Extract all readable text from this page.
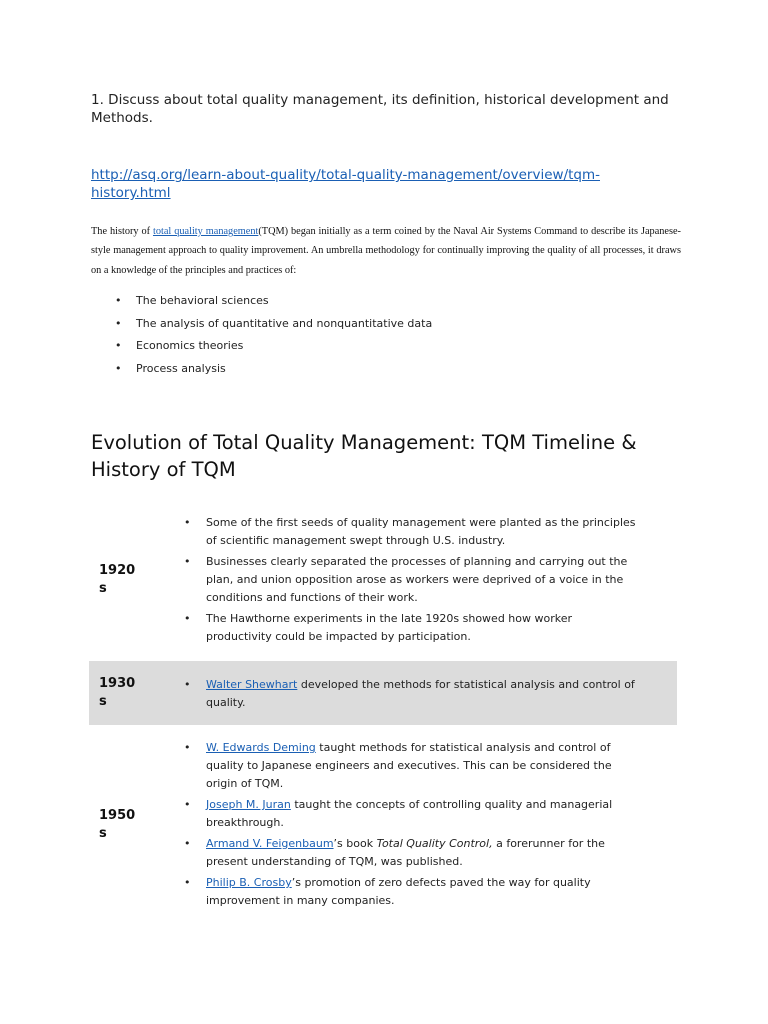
1. Discuss about total quality management, its definition, historical development and Methods.
http://asq.org/learn-about-quality/total-quality-management/overview/tqm-history.html
The history of total quality management(TQM) began initially as a term coined by the Naval Air Systems Command to describe its Japanese-style management approach to quality improvement. An umbrella methodology for continually improving the quality of all processes, it draws on a knowledge of the principles and practices of:
• The behavioral sciences
• The analysis of quantitative and nonquantitative data
• Economics theories
• Process analysis
Evolution of Total Quality Management: TQM Timeline & History of TQM
1920
s
• Some of the first seeds of quality management were planted as the principles of scientific management swept through U.S. industry.
• Businesses clearly separated the processes of planning and carrying out the plan, and union opposition arose as workers were deprived of a voice in the conditions and functions of their work.
• The Hawthorne experiments in the late 1920s showed how worker productivity could be impacted by participation.
1930
s
• Walter Shewhart developed the methods for statistical analysis and control of quality.
1950
s
• W. Edwards Deming taught methods for statistical analysis and control of quality to Japanese engineers and executives. This can be considered the origin of TQM.
• Joseph M. Juran taught the concepts of controlling quality and managerial breakthrough.
• Armand V. Feigenbaum’s book Total Quality Control, a forerunner for the present understanding of TQM, was published.
• Philip B. Crosby’s promotion of zero defects paved the way for quality improvement in many companies.
